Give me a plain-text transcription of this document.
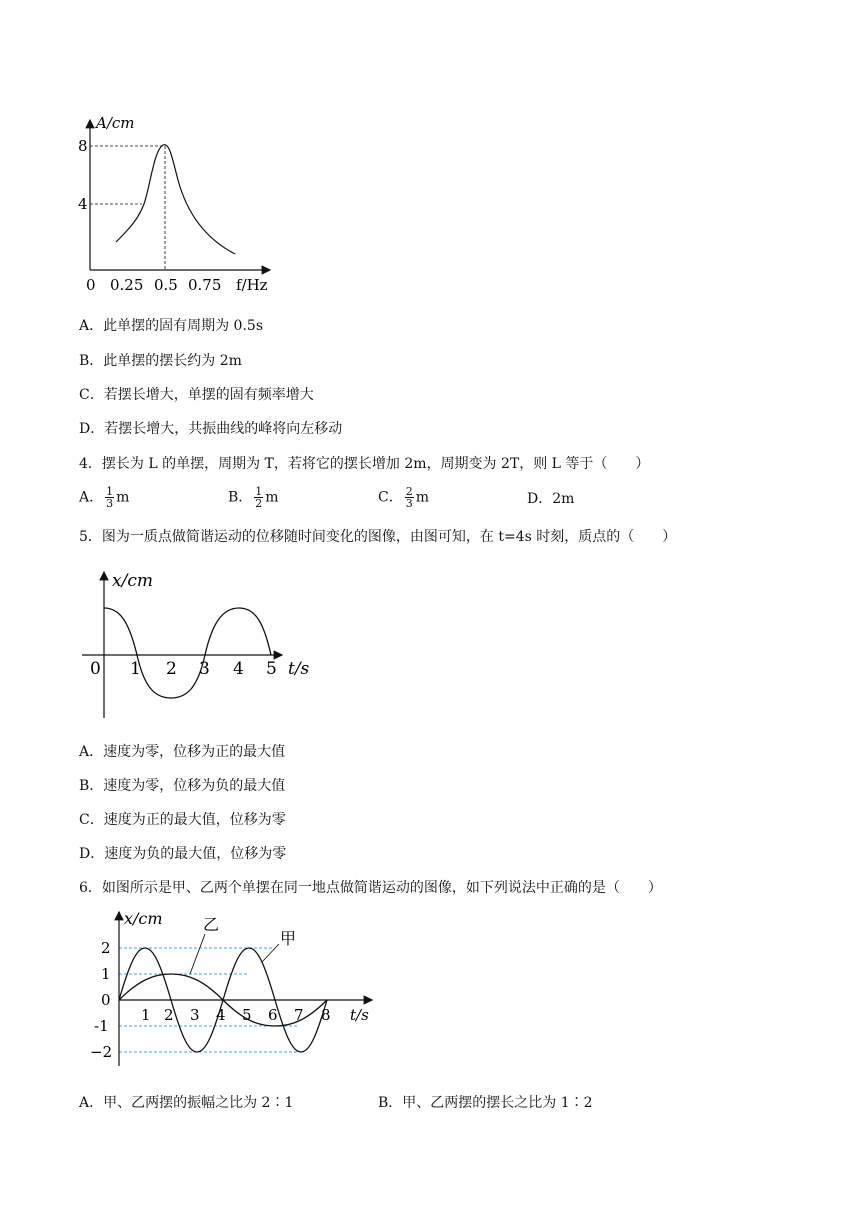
A/cm
8
4
0 0.25 0.5 0.75 f/Hz
A．此单摆的固有周期为 0.5s
B．此单摆的摆长约为 2m
C．若摆长增大，单摆的固有频率增大
D．若摆长增大，共振曲线的峰将向左移动
4．摆长为 L 的单摆，周期为 T，若将它的摆长增加 2m，周期变为 2T，则 L 等于（　　）
A． $\frac{1}{3}$ m	B． $\frac{1}{2}$ m	C． $\frac{2}{3}$ m	D．2m
5．图为一质点做简谐运动的位移随时间变化的图像，由图可知，在 t=4s 时刻，质点的（　　）
x/cm
0 1 2 3 4 5 t/s
A．速度为零，位移为正的最大值
B．速度为零，位移为负的最大值
C．速度为正的最大值，位移为零
D．速度为负的最大值，位移为零
6．如图所示是甲、乙两个单摆在同一地点做简谐运动的图像，如下列说法中正确的是（　　）
乙
甲
x/cm
2
1
0
-1
−2
1 2 3 4 5 6 7 8 t/s
A．甲、乙两摆的振幅之比为 2∶1	B．甲、乙两摆的摆长之比为 1∶2
